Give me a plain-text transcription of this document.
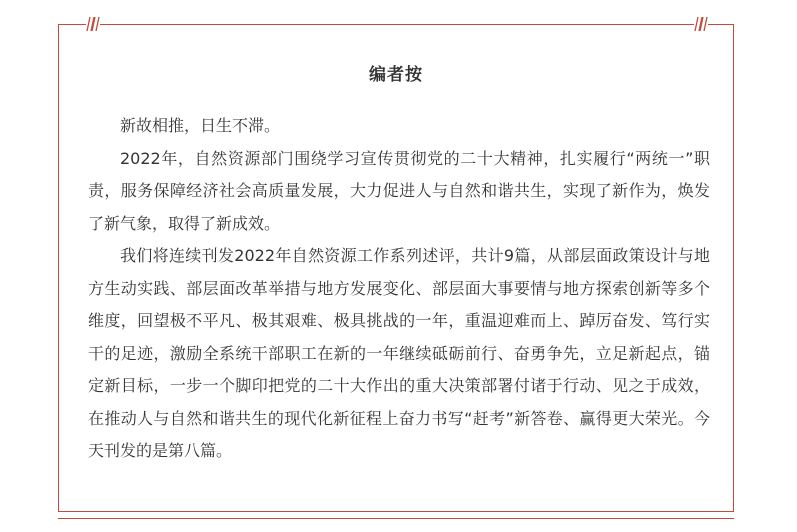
编者按

新故相推，日生不滞。

2022年，自然资源部门围绕学习宣传贯彻党的二十大精神，扎实履行“两统一”职责，服务保障经济社会高质量发展，大力促进人与自然和谐共生，实现了新作为，焕发了新气象，取得了新成效。

我们将连续刊发2022年自然资源工作系列述评，共计9篇，从部层面政策设计与地方生动实践、部层面改革举措与地方发展变化、部层面大事要情与地方探索创新等多个维度，回望极不平凡、极其艰难、极具挑战的一年，重温迎难而上、踔厉奋发、笃行实干的足迹，激励全系统干部职工在新的一年继续砥砺前行、奋勇争先，立足新起点，锚定新目标，一步一个脚印把党的二十大作出的重大决策部署付诸于行动、见之于成效，在推动人与自然和谐共生的现代化新征程上奋力书写“赶考”新答卷、赢得更大荣光。今天刊发的是第八篇。
